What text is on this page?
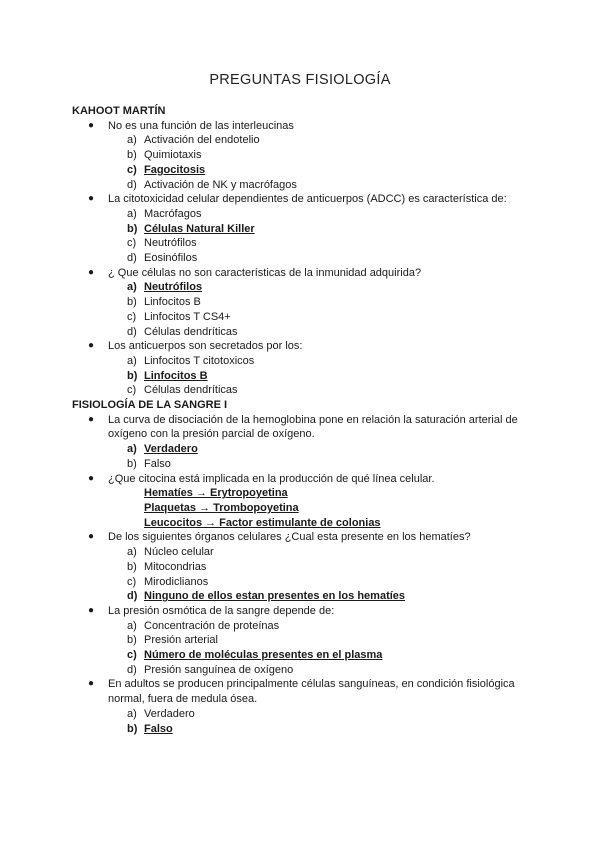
PREGUNTAS FISIOLOGÍA

KAHOOT MARTÍN

● No es una función de las interleucinas

a) Activación del endotelio

b) Quimiotaxis

c) Fagocitosis

d) Activación de NK y macrófagos

● La citotoxicidad celular dependientes de anticuerpos (ADCC) es característica de:

a) Macrófagos

b) Células Natural Killer

c) Neutrófilos

d) Eosinófilos

● ¿ Que células no son características de la inmunidad adquirida?

a) Neutrófilos

b) Linfocitos B

c) Linfocitos T CS4+

d) Células dendríticas

● Los anticuerpos son secretados por los:

a) Linfocitos T citotoxicos

b) Linfocitos B

c) Células dendríticas

FISIOLOGÍA DE LA SANGRE I

● La curva de disociación de la hemoglobina pone en relación la saturación arterial de oxígeno con la presión parcial de oxígeno.

a) Verdadero

b) Falso

● ¿Que citocina está implicada en la producción de qué línea celular.

Hematíes → Erytropoyetina

Plaquetas → Trombopoyetina

Leucocitos → Factor estimulante de colonias

● De los siguientes órganos celulares ¿Cual esta presente en los hematíes?

a) Núcleo celular

b) Mitocondrias

c) Mirodiclianos

d) Ninguno de ellos estan presentes en los hematíes

● La presión osmótica de la sangre depende de:

a) Concentración de proteínas

b) Presión arterial

c) Número de moléculas presentes en el plasma

d) Presión sanguínea de oxígeno

● En adultos se producen principalmente células sanguíneas, en condición fisiológica normal, fuera de medula ósea.

a) Verdadero

b) Falso
